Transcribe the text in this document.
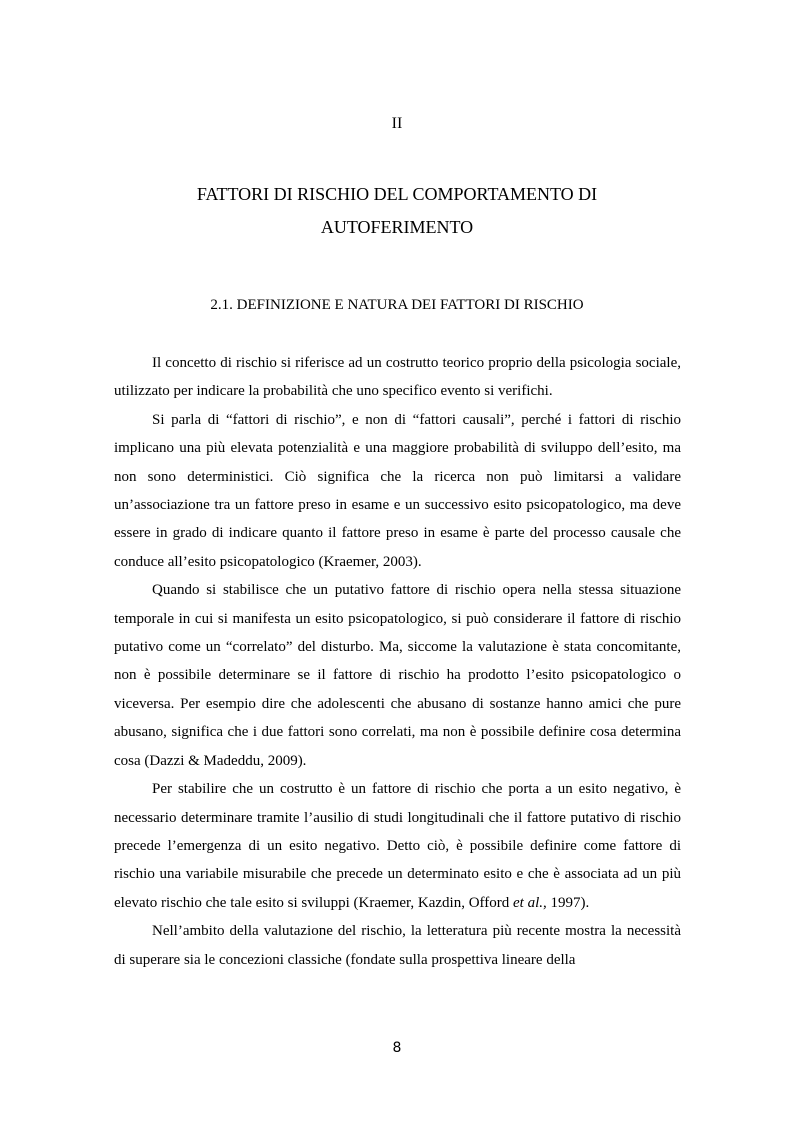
II
FATTORI DI RISCHIO DEL COMPORTAMENTO DI AUTOFERIMENTO
2.1. DEFINIZIONE E NATURA DEI FATTORI DI RISCHIO

Il concetto di rischio si riferisce ad un costrutto teorico proprio della psicologia sociale, utilizzato per indicare la probabilità che uno specifico evento si verifichi.

Si parla di “fattori di rischio”, e non di “fattori causali”, perché i fattori di rischio implicano una più elevata potenzialità e una maggiore probabilità di sviluppo dell’esito, ma non sono deterministici. Ciò significa che la ricerca non può limitarsi a validare un’associazione tra un fattore preso in esame e un successivo esito psicopatologico, ma deve essere in grado di indicare quanto il fattore preso in esame è parte del processo causale che conduce all’esito psicopatologico (Kraemer, 2003).

Quando si stabilisce che un putativo fattore di rischio opera nella stessa situazione temporale in cui si manifesta un esito psicopatologico, si può considerare il fattore di rischio putativo come un “correlato” del disturbo. Ma, siccome la valutazione è stata concomitante, non è possibile determinare se il fattore di rischio ha prodotto l’esito psicopatologico o viceversa. Per esempio dire che adolescenti che abusano di sostanze hanno amici che pure abusano, significa che i due fattori sono correlati, ma non è possibile definire cosa determina cosa (Dazzi & Madeddu, 2009).

Per stabilire che un costrutto è un fattore di rischio che porta a un esito negativo, è necessario determinare tramite l’ausilio di studi longitudinali che il fattore putativo di rischio precede l’emergenza di un esito negativo. Detto ciò, è possibile definire come fattore di rischio una variabile misurabile che precede un determinato esito e che è associata ad un più elevato rischio che tale esito si sviluppi (Kraemer, Kazdin, Offord et al., 1997).

Nell’ambito della valutazione del rischio, la letteratura più recente mostra la necessità di superare sia le concezioni classiche (fondate sulla prospettiva lineare della

8
